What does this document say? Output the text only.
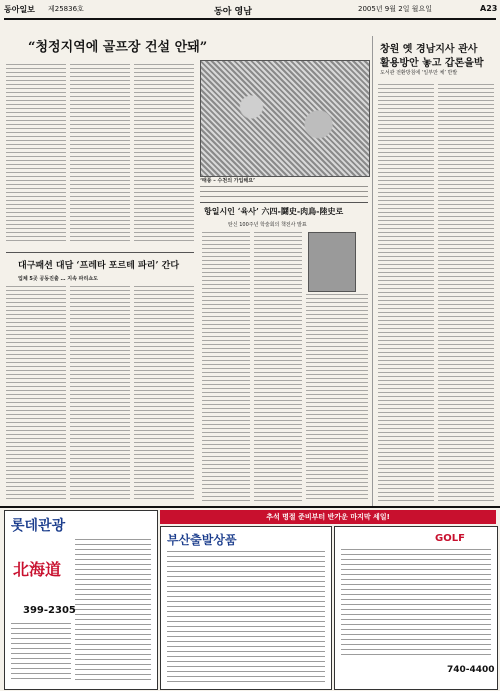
동아일보 제25836호	동아 영남	2005년 9월 2일 월요일	A23
“청정지역에 골프장 건설 안돼”
‘태풍 – 수천의 가입해요’
창원 옛 경남지사 관사
활용방안 놓고 갑론을박
도서관 전환방침에 ‘일부만 체’ 반발
대구패션 대담 ‘프레타 포르테 파리’ 간다
업체 5곳 공동진출 … 지속 파리쇼도
항일시인 ‘육사’ 六四-鬪史-肉鳥-陸史로
탄신 100주년 학술회의 책전사 발표
추석 명절 준비부터 반가운 마지막 세일!
롯데관광
北海道
399-2305
부산출발상품	GOLF
740-4400
